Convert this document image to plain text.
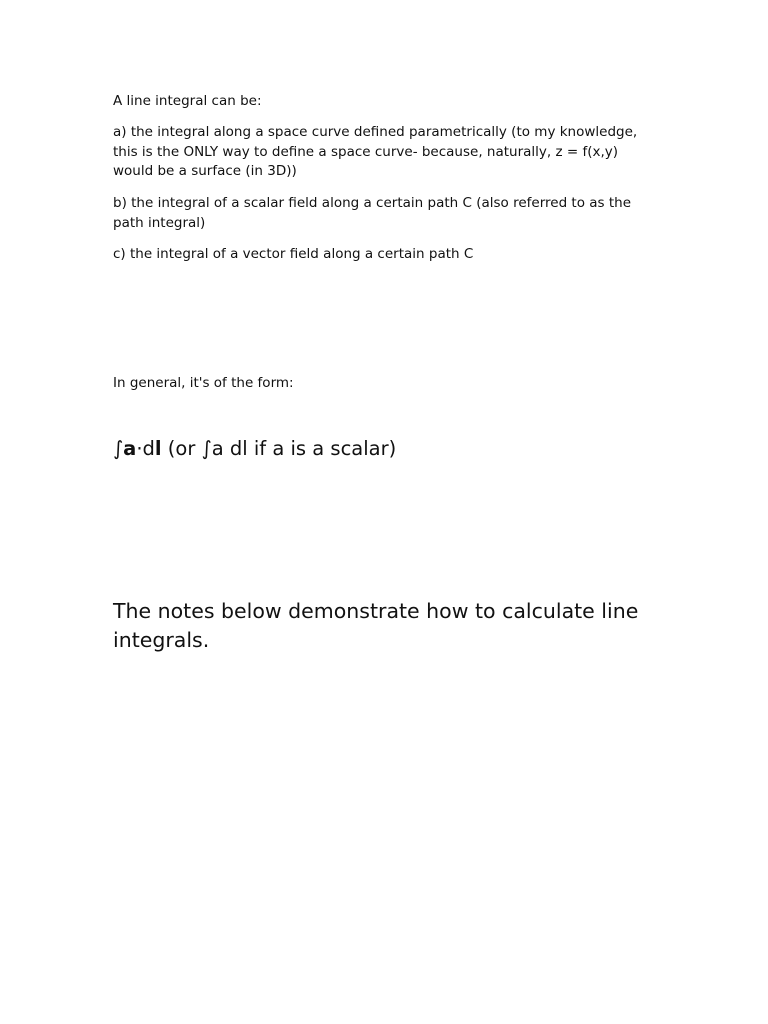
A line integral can be:

a) the integral along a space curve defined parametrically (to my knowledge, this is the ONLY way to define a space curve- because, naturally, z = f(x,y) would be a surface (in 3D))

b) the integral of a scalar field along a certain path C (also referred to as the path integral)

c) the integral of a vector field along a certain path C

In general, it's of the form:

∫a·dl (or ∫a dl if a is a scalar)

The notes below demonstrate how to calculate line integrals.
